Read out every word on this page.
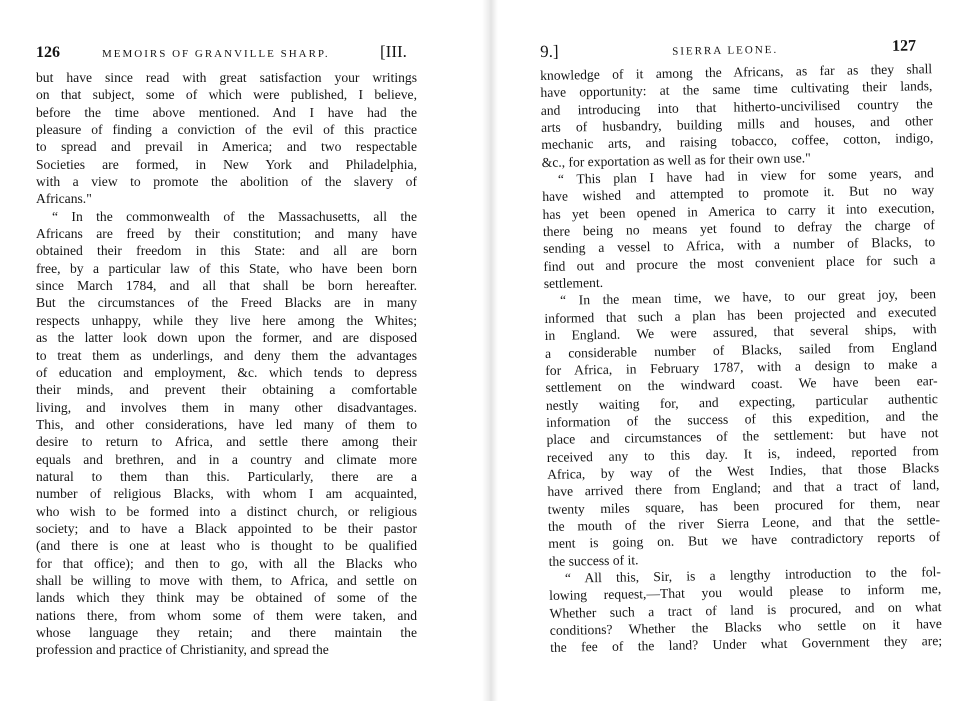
126	MEMOIRS OF GRANVILLE SHARP.	[III.
but have since read with great satisfaction your writings
on that subject, some of which were published, I believe,
before the time above mentioned. And I have had the
pleasure of finding a conviction of the evil of this practice
to spread and prevail in America; and two respectable
Societies are formed, in New York and Philadelphia,
with a view to promote the abolition of the slavery of
Africans."
“ In the commonwealth of the Massachusetts, all the
Africans are freed by their constitution; and many have
obtained their freedom in this State: and all are born
free, by a particular law of this State, who have been born
since March 1784, and all that shall be born hereafter.
But the circumstances of the Freed Blacks are in many
respects unhappy, while they live here among the Whites;
as the latter look down upon the former, and are disposed
to treat them as underlings, and deny them the advantages
of education and employment, &c. which tends to depress
their minds, and prevent their obtaining a comfortable
living, and involves them in many other disadvantages.
This, and other considerations, have led many of them to
desire to return to Africa, and settle there among their
equals and brethren, and in a country and climate more
natural to them than this. Particularly, there are a
number of religious Blacks, with whom I am acquainted,
who wish to be formed into a distinct church, or religious
society; and to have a Black appointed to be their pastor
(and there is one at least who is thought to be qualified
for that office); and then to go, with all the Blacks who
shall be willing to move with them, to Africa, and settle on
lands which they think may be obtained of some of the
nations there, from whom some of them were taken, and
whose language they retain; and there maintain the
profession and practice of Christianity, and spread the
9.]	SIERRA LEONE.	127
knowledge of it among the Africans, as far as they shall
have opportunity: at the same time cultivating their lands,
and introducing into that hitherto-uncivilised country the
arts of husbandry, building mills and houses, and other
mechanic arts, and raising tobacco, coffee, cotton, indigo,
&c., for exportation as well as for their own use."
“ This plan I have had in view for some years, and
have wished and attempted to promote it. But no way
has yet been opened in America to carry it into execution,
there being no means yet found to defray the charge of
sending a vessel to Africa, with a number of Blacks, to
find out and procure the most convenient place for such a
settlement.
“ In the mean time, we have, to our great joy, been
informed that such a plan has been projected and executed
in England. We were assured, that several ships, with
a considerable number of Blacks, sailed from England
for Africa, in February 1787, with a design to make a
settlement on the windward coast. We have been ear-
nestly waiting for, and expecting, particular authentic
information of the success of this expedition, and the
place and circumstances of the settlement: but have not
received any to this day. It is, indeed, reported from
Africa, by way of the West Indies, that those Blacks
have arrived there from England; and that a tract of land,
twenty miles square, has been procured for them, near
the mouth of the river Sierra Leone, and that the settle-
ment is going on. But we have contradictory reports of
the success of it.
“ All this, Sir, is a lengthy introduction to the fol-
lowing request,—That you would please to inform me,
Whether such a tract of land is procured, and on what
conditions? Whether the Blacks who settle on it have
the fee of the land? Under what Government they are;
